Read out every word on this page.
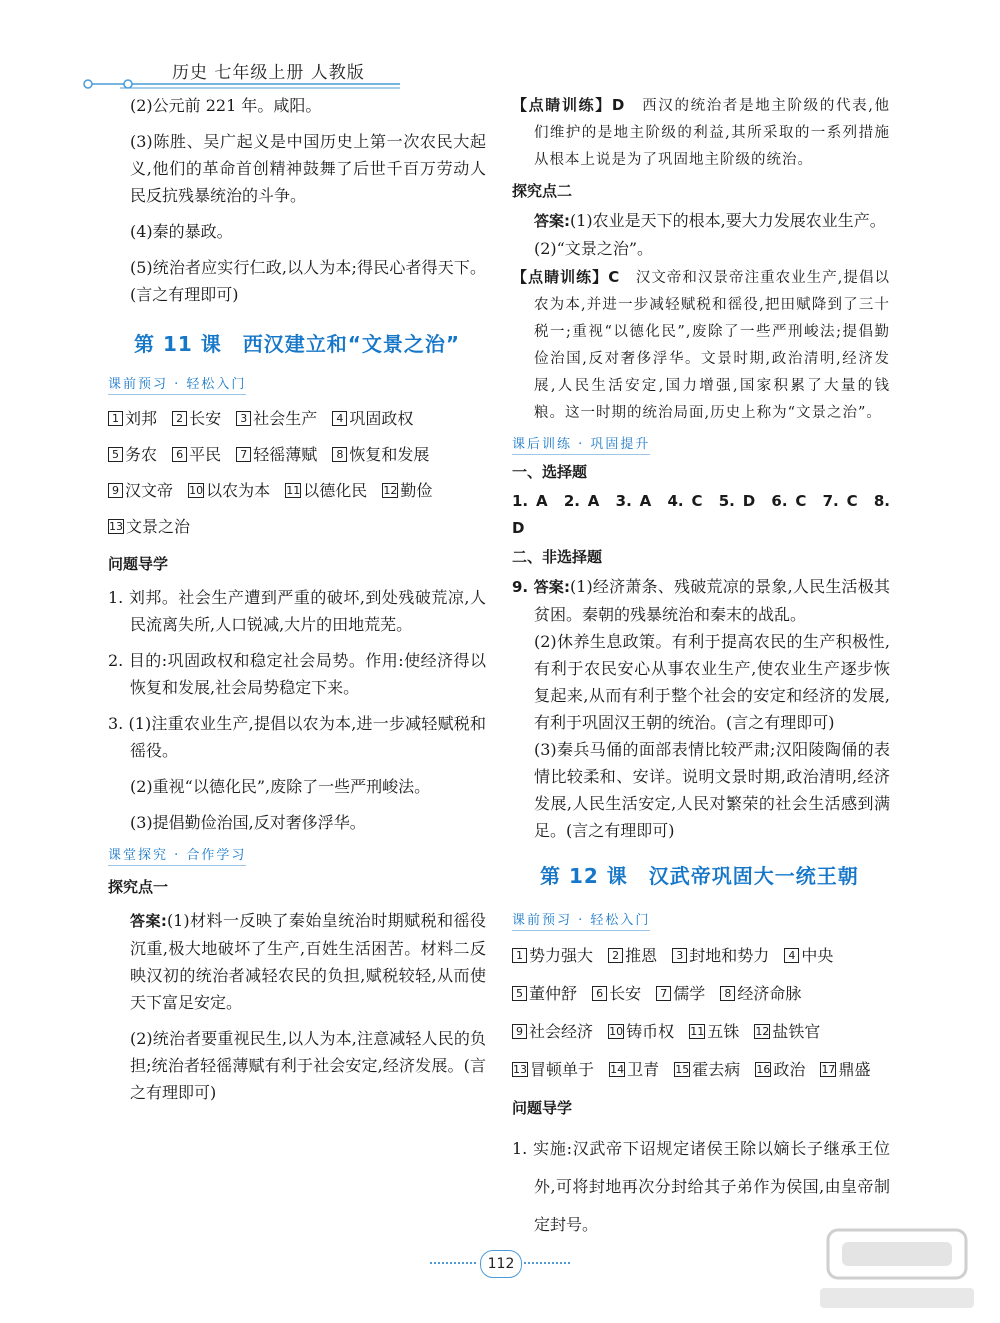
历史 七年级上册 人教版

(2)公元前 221 年。咸阳。

(3)陈胜、吴广起义是中国历史上第一次农民大起义,他们的革命首创精神鼓舞了后世千百万劳动人民反抗残暴统治的斗争。

(4)秦的暴政。

(5)统治者应实行仁政,以人为本;得民心者得天下。(言之有理即可)

第 11 课　西汉建立和“文景之治”

课前预习 · 轻松入门
1 刘邦 2 长安 3 社会生产 4 巩固政权 5 务农 6 平民 7 轻徭薄赋 8 恢复和发展 9 汉文帝 10 以农为本 11 以德化民 12 勤俭 13 文景之治

问题导学

1. 刘邦。社会生产遭到严重的破坏,到处残破荒凉,人民流离失所,人口锐减,大片的田地荒芜。

2. 目的:巩固政权和稳定社会局势。作用:使经济得以恢复和发展,社会局势稳定下来。

3. (1)注重农业生产,提倡以农为本,进一步减轻赋税和徭役。

(2)重视“以德化民”,废除了一些严刑峻法。

(3)提倡勤俭治国,反对奢侈浮华。

课堂探究 · 合作学习

探究点一

答案:(1)材料一反映了秦始皇统治时期赋税和徭役沉重,极大地破坏了生产,百姓生活困苦。材料二反映汉初的统治者减轻农民的负担,赋税较轻,从而使天下富足安定。

(2)统治者要重视民生,以人为本,注意减轻人民的负担;统治者轻徭薄赋有利于社会安定,经济发展。(言之有理即可)

【点睛训练】D　 西汉的统治者是地主阶级的代表,他们维护的是地主阶级的利益,其所采取的一系列措施从根本上说是为了巩固地主阶级的统治。

探究点二

答案:(1)农业是天下的根本,要大力发展农业生产。

(2)“文景之治”。

【点睛训练】C　 汉文帝和汉景帝注重农业生产,提倡以农为本,并进一步减轻赋税和徭役,把田赋降到了三十税一;重视“以德化民”,废除了一些严刑峻法;提倡勤俭治国,反对奢侈浮华。文景时期,政治清明,经济发展,人民生活安定,国力增强,国家积累了大量的钱粮。这一时期的统治局面,历史上称为“文景之治”。

课后训练 · 巩固提升

一、选择题

1. A　2. A　3. A　4. C　5. D　6. C　7. C　8. D

二、非选择题

9. 答案:(1)经济萧条、残破荒凉的景象,人民生活极其贫困。秦朝的残暴统治和秦末的战乱。

(2)休养生息政策。有利于提高农民的生产积极性,有利于农民安心从事农业生产,使农业生产逐步恢复起来,从而有利于整个社会的安定和经济的发展,有利于巩固汉王朝的统治。(言之有理即可)

(3)秦兵马俑的面部表情比较严肃;汉阳陵陶俑的表情比较柔和、安详。说明文景时期,政治清明,经济发展,人民生活安定,人民对繁荣的社会生活感到满足。(言之有理即可)

第 12 课　汉武帝巩固大一统王朝

课前预习 · 轻松入门
1 势力强大 2 推恩 3 封地和势力 4 中央
5 董仲舒 6 长安 7 儒学 8 经济命脉
9 社会经济 10 铸币权 11 五铢 12 盐铁官
13 冒顿单于 14 卫青 15 霍去病 16 政治 17 鼎盛

问题导学

1. 实施:汉武帝下诏规定诸侯王除以嫡长子继承王位外,可将封地再次分封给其子弟作为侯国,由皇帝制定封号。

112
